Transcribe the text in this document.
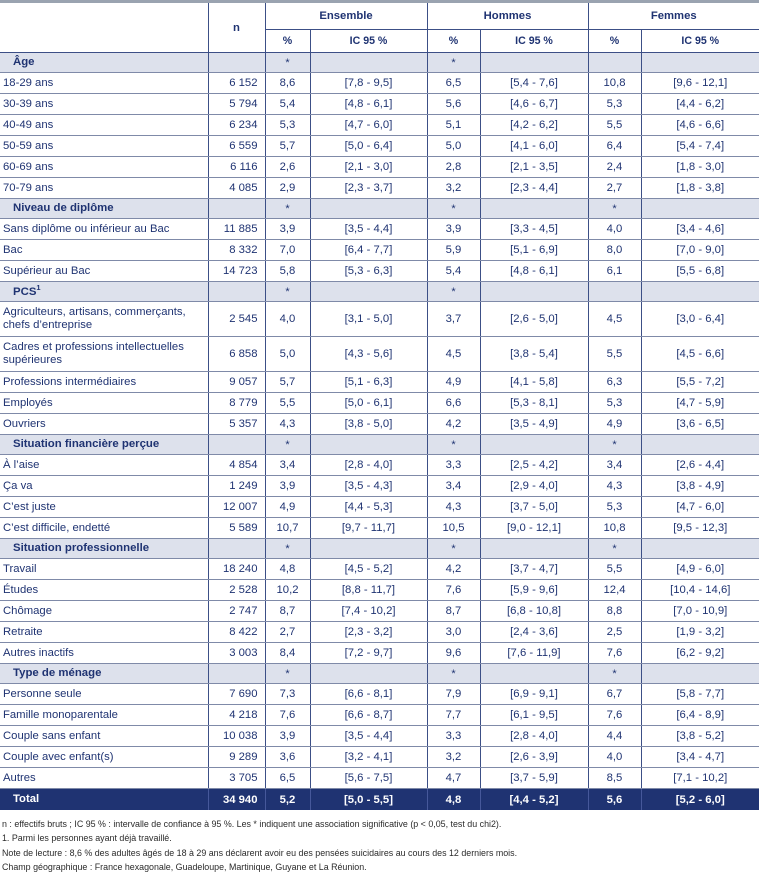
	n	Ensemble		Hommes		Femmes	
		%	IC 95 %	%	IC 95 %	%	IC 95 %
Âge		*		*			
18-29 ans	6 152	8,6	[7,8 - 9,5]	6,5	[5,4 - 7,6]	10,8	[9,6 - 12,1]
30-39 ans	5 794	5,4	[4,8 - 6,1]	5,6	[4,6 - 6,7]	5,3	[4,4 - 6,2]
40-49 ans	6 234	5,3	[4,7 - 6,0]	5,1	[4,2 - 6,2]	5,5	[4,6 - 6,6]
50-59 ans	6 559	5,7	[5,0 - 6,4]	5,0	[4,1 - 6,0]	6,4	[5,4 - 7,4]
60-69 ans	6 116	2,6	[2,1 - 3,0]	2,8	[2,1 - 3,5]	2,4	[1,8 - 3,0]
70-79 ans	4 085	2,9	[2,3 - 3,7]	3,2	[2,3 - 4,4]	2,7	[1,8 - 3,8]
Niveau de diplôme		*		*		*	
Sans diplôme ou inférieur au Bac	11 885	3,9	[3,5 - 4,4]	3,9	[3,3 - 4,5]	4,0	[3,4 - 4,6]
Bac	8 332	7,0	[6,4 - 7,7]	5,9	[5,1 - 6,9]	8,0	[7,0 - 9,0]
Supérieur au Bac	14 723	5,8	[5,3 - 6,3]	5,4	[4,8 - 6,1]	6,1	[5,5 - 6,8]
PCS$^1$		*		*			
Agriculteurs, artisans, commerçants, chefs d’entreprise	2 545	4,0	[3,1 - 5,0]	3,7	[2,6 - 5,0]	4,5	[3,0 - 6,4]
Cadres et professions intellectuelles supérieures	6 858	5,0	[4,3 - 5,6]	4,5	[3,8 - 5,4]	5,5	[4,5 - 6,6]
Professions intermédiaires	9 057	5,7	[5,1 - 6,3]	4,9	[4,1 - 5,8]	6,3	[5,5 - 7,2]
Employés	8 779	5,5	[5,0 - 6,1]	6,6	[5,3 - 8,1]	5,3	[4,7 - 5,9]
Ouvriers	5 357	4,3	[3,8 - 5,0]	4,2	[3,5 - 4,9]	4,9	[3,6 - 6,5]
Situation financière perçue		*		*		*	
À l’aise	4 854	3,4	[2,8 - 4,0]	3,3	[2,5 - 4,2]	3,4	[2,6 - 4,4]
Ça va	1 249	3,9	[3,5 - 4,3]	3,4	[2,9 - 4,0]	4,3	[3,8 - 4,9]
C’est juste	12 007	4,9	[4,4 - 5,3]	4,3	[3,7 - 5,0]	5,3	[4,7 - 6,0]
C’est difficile, endetté	5 589	10,7	[9,7 - 11,7]	10,5	[9,0 - 12,1]	10,8	[9,5 - 12,3]
Situation professionnelle		*		*		*	
Travail	18 240	4,8	[4,5 - 5,2]	4,2	[3,7 - 4,7]	5,5	[4,9 - 6,0]
Études	2 528	10,2	[8,8 - 11,7]	7,6	[5,9 - 9,6]	12,4	[10,4 - 14,6]
Chômage	2 747	8,7	[7,4 - 10,2]	8,7	[6,8 - 10,8]	8,8	[7,0 - 10,9]
Retraite	8 422	2,7	[2,3 - 3,2]	3,0	[2,4 - 3,6]	2,5	[1,9 - 3,2]
Autres inactifs	3 003	8,4	[7,2 - 9,7]	9,6	[7,6 - 11,9]	7,6	[6,2 - 9,2]
Type de ménage		*		*		*	
Personne seule	7 690	7,3	[6,6 - 8,1]	7,9	[6,9 - 9,1]	6,7	[5,8 - 7,7]
Famille monoparentale	4 218	7,6	[6,6 - 8,7]	7,7	[6,1 - 9,5]	7,6	[6,4 - 8,9]
Couple sans enfant	10 038	3,9	[3,5 - 4,4]	3,3	[2,8 - 4,0]	4,4	[3,8 - 5,2]
Couple avec enfant(s)	9 289	3,6	[3,2 - 4,1]	3,2	[2,6 - 3,9]	4,0	[3,4 - 4,7]
Autres	3 705	6,5	[5,6 - 7,5]	4,7	[3,7 - 5,9]	8,5	[7,1 - 10,2]
Total	34 940	5,2	[5,0 - 5,5]	4,8	[4,4 - 5,2]	5,6	[5,2 - 6,0]
n : effectifs bruts ; IC 95 % : intervalle de confiance à 95 %. Les * indiquent une association significative (p < 0,05, test du chi2).
1. Parmi les personnes ayant déjà travaillé.
Note de lecture : 8,6 % des adultes âgés de 18 à 29 ans déclarent avoir eu des pensées suicidaires au cours des 12 derniers mois.
Champ géographique : France hexagonale, Guadeloupe, Martinique, Guyane et La Réunion.
